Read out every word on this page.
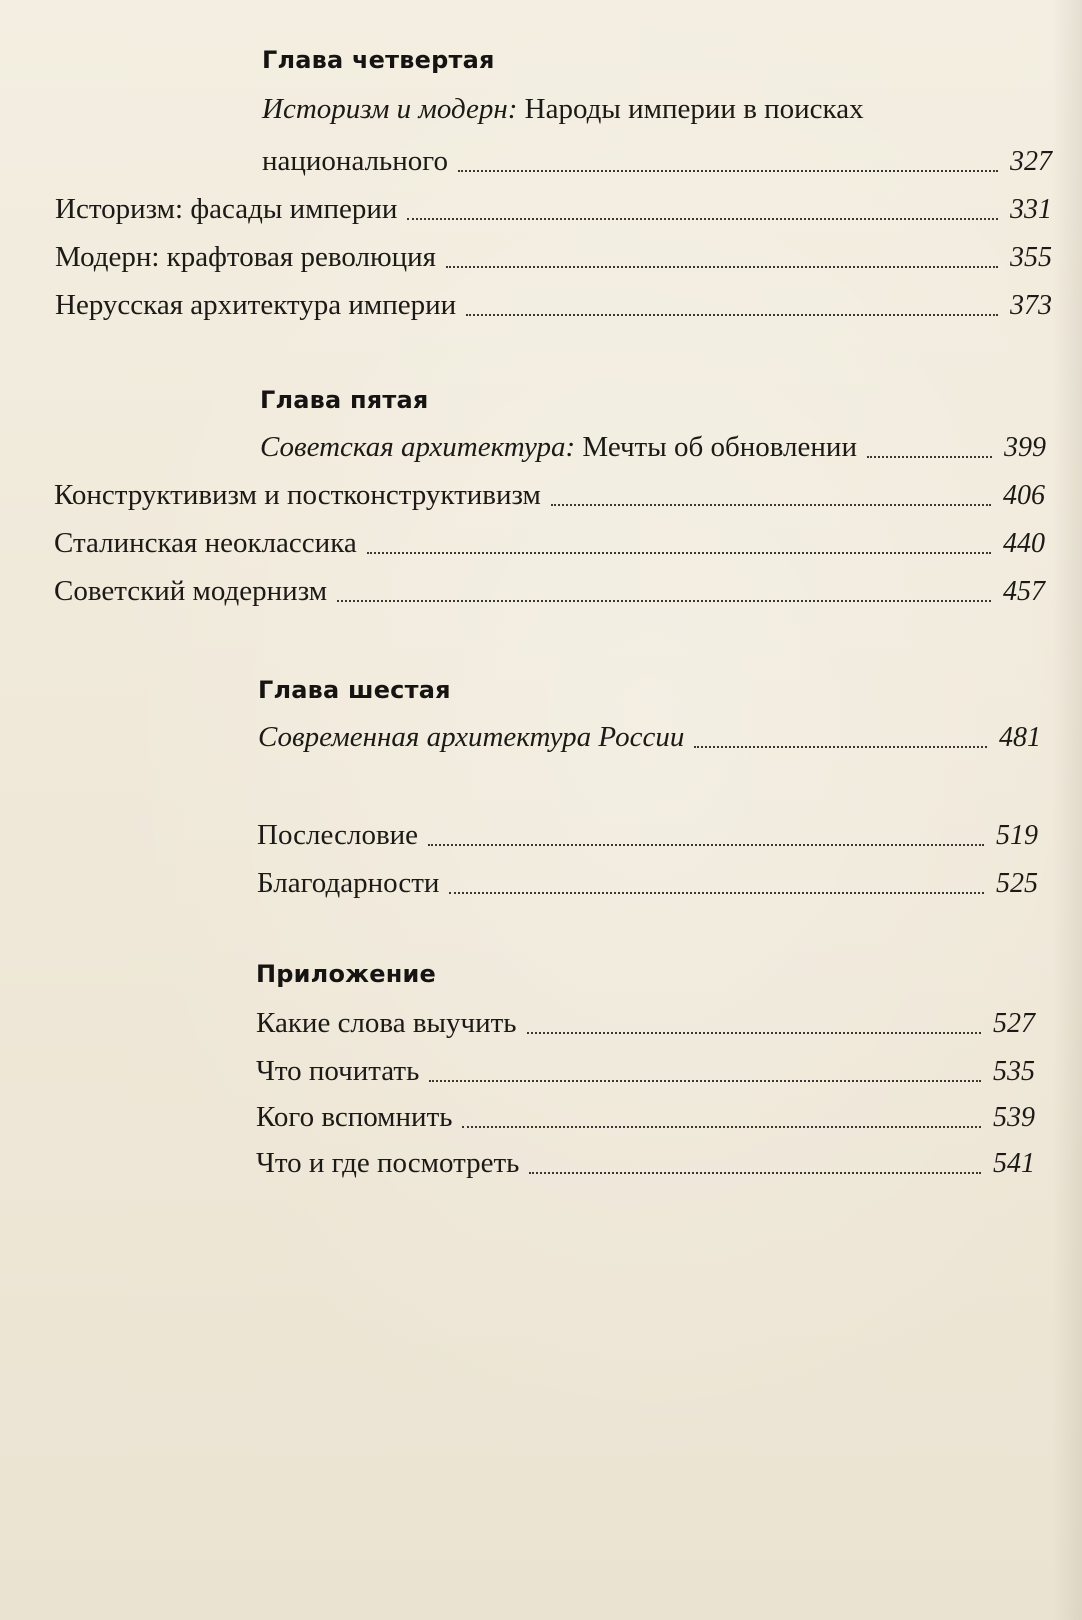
Глава четвертая
Историзм и модерн: Народы империи в поисках
национального	327
Историзм: фасады империи	331
Модерн: крафтовая революция	355
Нерусская архитектура империи	373
Глава пятая
Советская архитектура: Мечты об обновлении	399
Конструктивизм и постконструктивизм	406
Сталинская неоклассика	440
Советский модернизм	457
Глава шестая
Современная архитектура России	481
Послесловие	519
Благодарности	525
Приложение
Какие слова выучить	527
Что почитать	535
Кого вспомнить	539
Что и где посмотреть	541
